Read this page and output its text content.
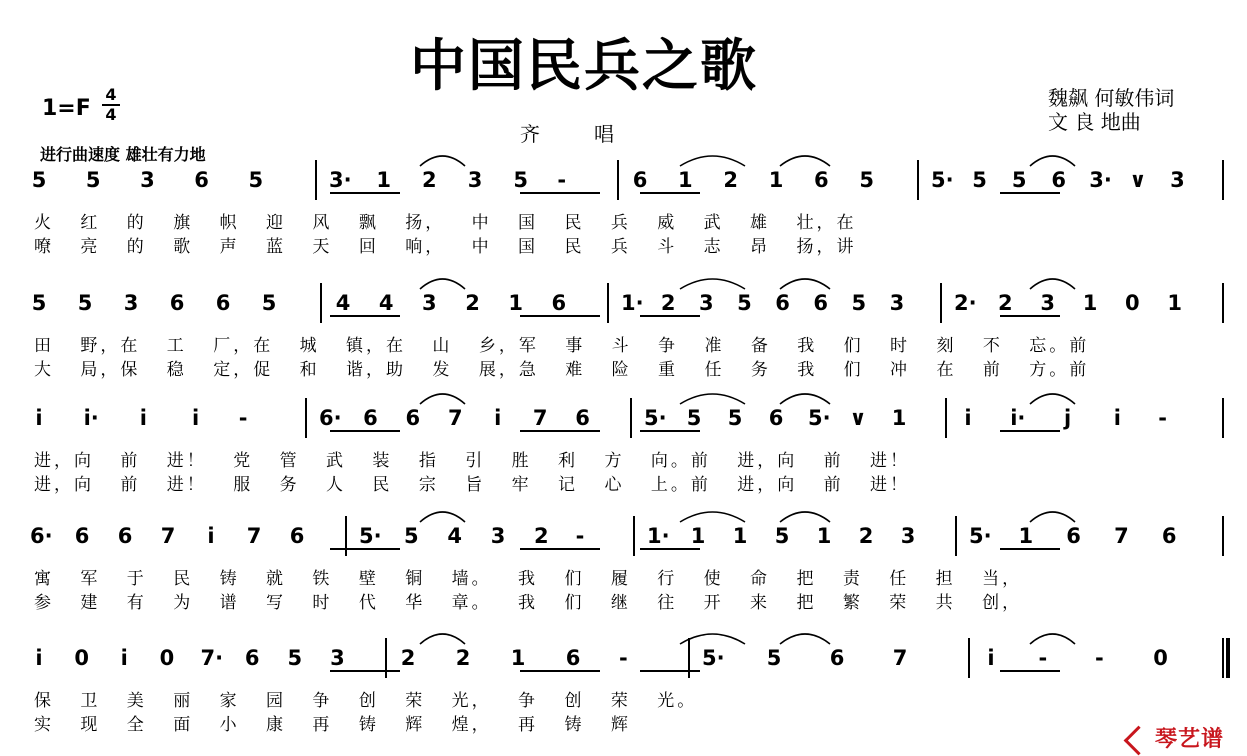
中国民兵之歌
1=F
4
4
进行曲速度 雄壮有力地
齐唱
魏飙 何敏伟词
文 良 地曲
5 5 3 6 5	3· 1 2 3 5 -	6 1 2 1 6 5	5· 5 5 6 3· ∨ 3
火 红 的 旗 帜 迎 风 飘 扬， 中 国 民 兵 威 武 雄 壮，在
嘹 亮 的 歌 声 蓝 天 回 响， 中 国 民 兵 斗 志 昂 扬，讲
5 5 3 6 6 5	4 4 3 2 1 6	1· 2 3 5 6 6 5 3 2· 2 3 1 0 1
田 野，在 工 厂，在 城 镇，在 山 乡，军 事 斗 争 准 备 我 们 时 刻 不 忘。前
大 局，保 稳 定，促 和 谐，助 发 展，急 难 险 重 任 务 我 们 冲 在 前 方。前
i i· i i -	6· 6 6 7 i 7 6	5· 5 5 6 5· ∨ 1	i i· j i -
进，向 前 进！ 党 管 武 装 指 引 胜 利 方 向。前 进，向 前 进！
进，向 前 进！ 服 务 人 民 宗 旨 牢 记 心 上。前 进，向 前 进！
6· 6 6 7 i 7 6	5· 5 4 3 2 -	1· 1 1 5 1 2 3	5· 1 6 7 6
寓 军 于 民 铸 就 铁 壁 铜 墙。 我 们 履 行 使 命 把 责 任 担 当，
参 建 有 为 谱 写 时 代 华 章。 我 们 继 往 开 来 把 繁 荣 共 创，
i 0 i 0 7· 6 5 3	2 2 1 6 -	5· 5 6 7	i - - 0
保 卫 美 丽 家 园 争 创 荣 光， 争 创 荣 光。
实 现 全 面 小 康 再 铸 辉 煌， 再 铸 辉
琴艺谱
